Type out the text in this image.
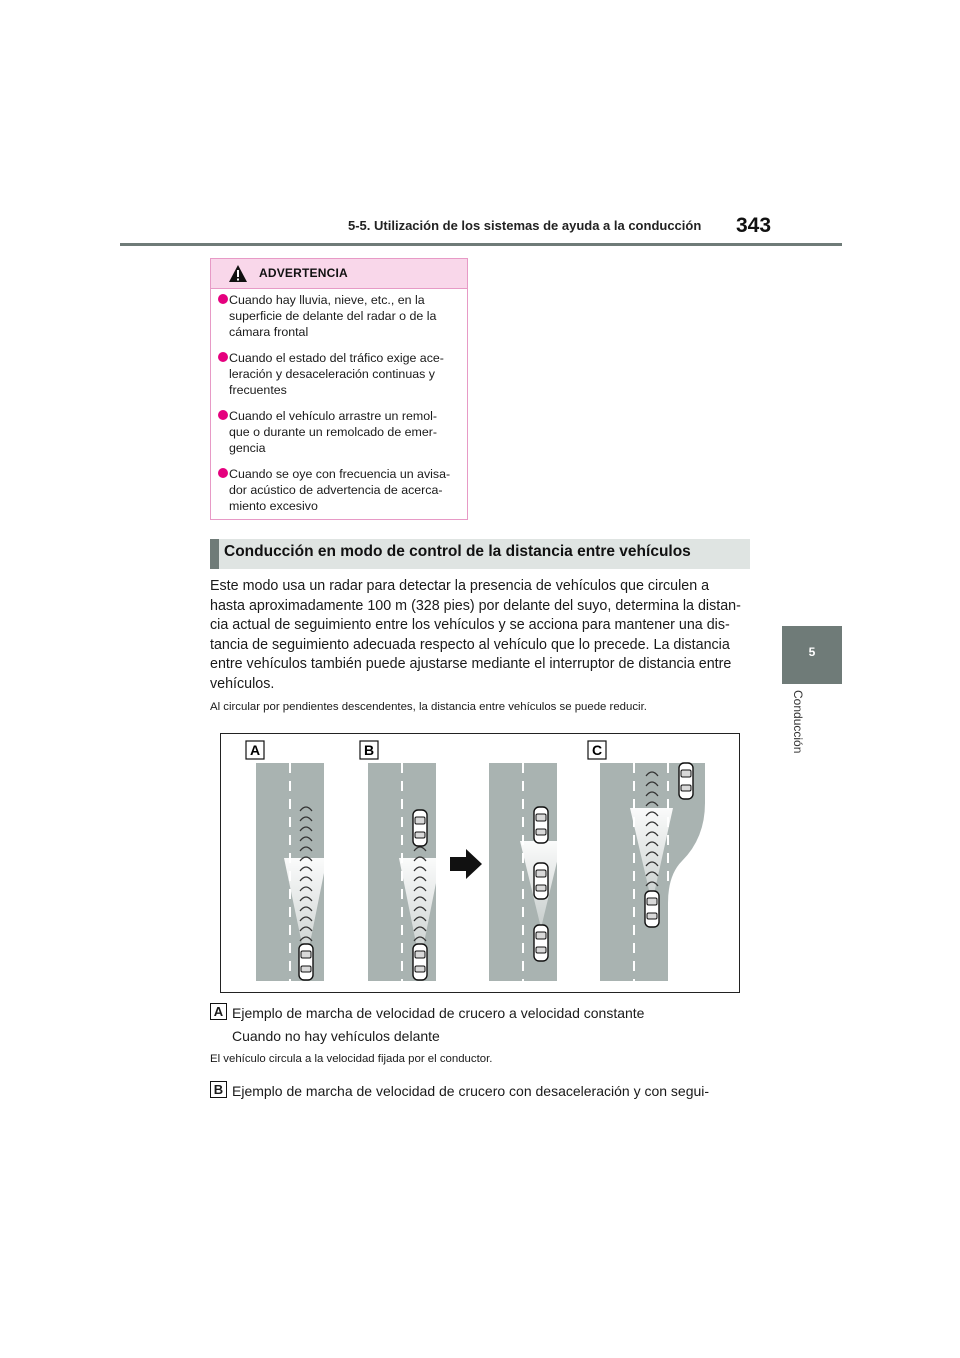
5-5. Utilización de los sistemas de ayuda a la conducción 343
5
Conducción
ADVERTENCIA
Cuando hay lluvia, nieve, etc., en la
superficie de delante del radar o de la
cámara frontal
Cuando el estado del tráfico exige ace-
leración y desaceleración continuas y
frecuentes
Cuando el vehículo arrastre un remol-
que o durante un remolcado de emer-
gencia
Cuando se oye con frecuencia un avisa-
dor acústico de advertencia de acerca-
miento excesivo
Conducción en modo de control de la distancia entre vehículos
Este modo usa un radar para detectar la presencia de vehículos que circulen a
hasta aproximadamente 100 m (328 pies) por delante del suyo, determina la distan-
cia actual de seguimiento entre los vehículos y se acciona para mantener una dis-
tancia de seguimiento adecuada respecto al vehículo que lo precede. La distancia
entre vehículos también puede ajustarse mediante el interruptor de distancia entre
vehículos.
Al circular por pendientes descendentes, la distancia entre vehículos se puede reducir.
A	B	C
A Ejemplo de marcha de velocidad de crucero a velocidad constante
Cuando no hay vehículos delante
El vehículo circula a la velocidad fijada por el conductor.
B Ejemplo de marcha de velocidad de crucero con desaceleración y con segui-
